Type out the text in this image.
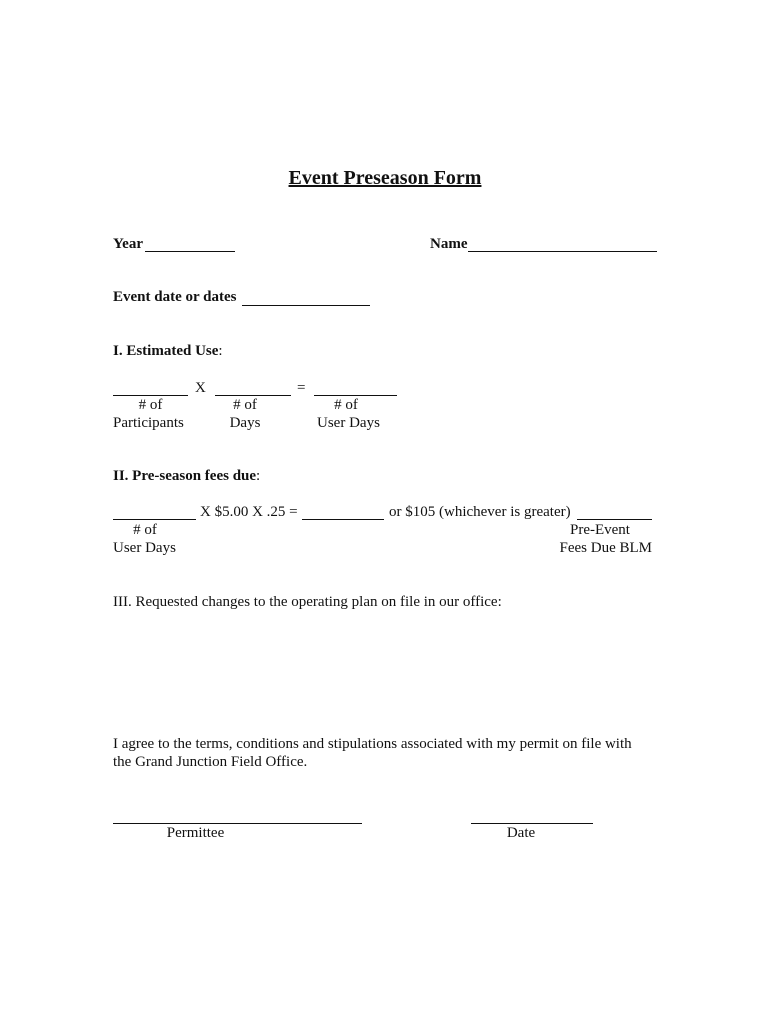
Event Preseason Form
Year	Name
Event date or dates
I. Estimated Use:
X	=
# of
Participants
# of
Days
# of
User Days
II. Pre-season fees due:
X $5.00 X .25 =	or $105 (whichever is greater)
# of
User Days
Pre-Event
Fees Due BLM
III. Requested changes to the operating plan on file in our office:
I agree to the terms, conditions and stipulations associated with my permit on file with
the Grand Junction Field Office.
Permittee	Date
